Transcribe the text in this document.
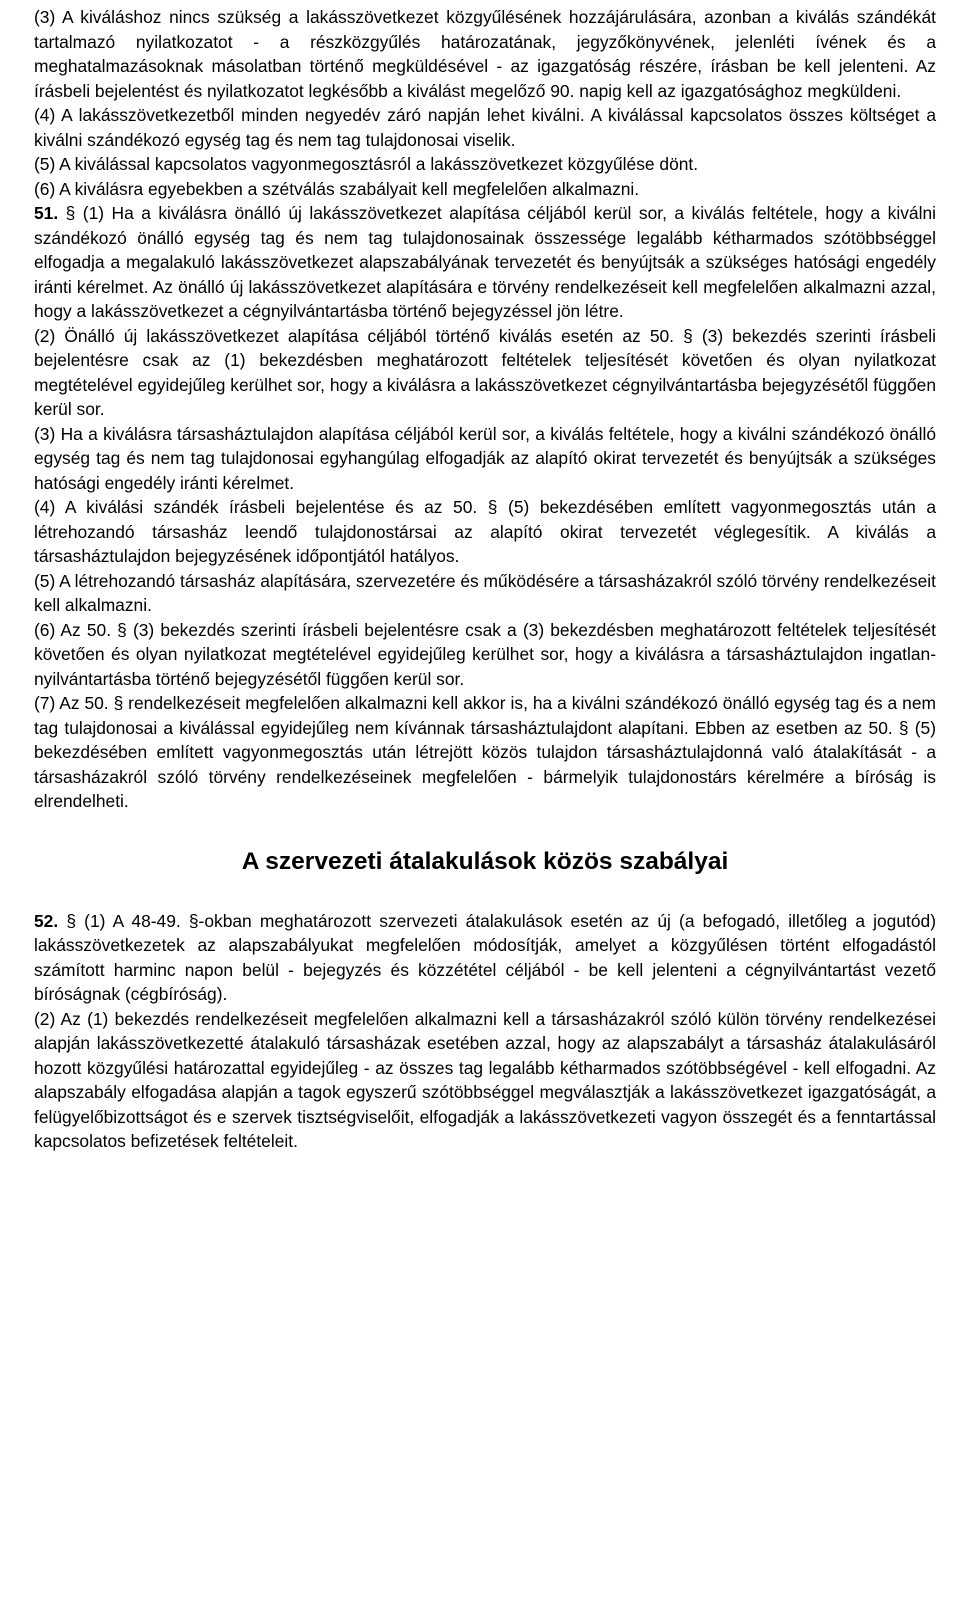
(3) A kiváláshoz nincs szükség a lakásszövetkezet közgyűlésének hozzájárulására, azonban a kiválás szándékát tartalmazó nyilatkozatot - a részközgyűlés határozatának, jegyzőkönyvének, jelenléti ívének és a meghatalmazásoknak másolatban történő megküldésével - az igazgatóság részére, írásban be kell jelenteni. Az írásbeli bejelentést és nyilatkozatot legkésőbb a kiválást megelőző 90. napig kell az igazgatósághoz megküldeni.

(4) A lakásszövetkezetből minden negyedév záró napján lehet kiválni. A kiválással kapcsolatos összes költséget a kiválni szándékozó egység tag és nem tag tulajdonosai viselik.

(5) A kiválással kapcsolatos vagyonmegosztásról a lakásszövetkezet közgyűlése dönt.

(6) A kiválásra egyebekben a szétválás szabályait kell megfelelően alkalmazni.

51. § (1) Ha a kiválásra önálló új lakásszövetkezet alapítása céljából kerül sor, a kiválás feltétele, hogy a kiválni szándékozó önálló egység tag és nem tag tulajdonosainak összessége legalább kétharmados szótöbbséggel elfogadja a megalakuló lakásszövetkezet alapszabályának tervezetét és benyújtsák a szükséges hatósági engedély iránti kérelmet. Az önálló új lakásszövetkezet alapítására e törvény rendelkezéseit kell megfelelően alkalmazni azzal, hogy a lakásszövetkezet a cégnyilvántartásba történő bejegyzéssel jön létre.

(2) Önálló új lakásszövetkezet alapítása céljából történő kiválás esetén az 50. § (3) bekezdés szerinti írásbeli bejelentésre csak az (1) bekezdésben meghatározott feltételek teljesítését követően és olyan nyilatkozat megtételével egyidejűleg kerülhet sor, hogy a kiválásra a lakásszövetkezet cégnyilvántartásba bejegyzésétől függően kerül sor.

(3) Ha a kiválásra társasháztulajdon alapítása céljából kerül sor, a kiválás feltétele, hogy a kiválni szándékozó önálló egység tag és nem tag tulajdonosai egyhangúlag elfogadják az alapító okirat tervezetét és benyújtsák a szükséges hatósági engedély iránti kérelmet.

(4) A kiválási szándék írásbeli bejelentése és az 50. § (5) bekezdésében említett vagyonmegosztás után a létrehozandó társasház leendő tulajdonostársai az alapító okirat tervezetét véglegesítik. A kiválás a társasháztulajdon bejegyzésének időpontjától hatályos.

(5) A létrehozandó társasház alapítására, szervezetére és működésére a társasházakról szóló törvény rendelkezéseit kell alkalmazni.

(6) Az 50. § (3) bekezdés szerinti írásbeli bejelentésre csak a (3) bekezdésben meghatározott feltételek teljesítését követően és olyan nyilatkozat megtételével egyidejűleg kerülhet sor, hogy a kiválásra a társasháztulajdon ingatlan-nyilvántartásba történő bejegyzésétől függően kerül sor.

(7) Az 50. § rendelkezéseit megfelelően alkalmazni kell akkor is, ha a kiválni szándékozó önálló egység tag és a nem tag tulajdonosai a kiválással egyidejűleg nem kívánnak társasháztulajdont alapítani. Ebben az esetben az 50. § (5) bekezdésében említett vagyonmegosztás után létrejött közös tulajdon társasháztulajdonná való átalakítását - a társasházakról szóló törvény rendelkezéseinek megfelelően - bármelyik tulajdonostárs kérelmére a bíróság is elrendelheti.

A szervezeti átalakulások közös szabályai

52. § (1) A 48-49. §-okban meghatározott szervezeti átalakulások esetén az új (a befogadó, illetőleg a jogutód) lakásszövetkezetek az alapszabályukat megfelelően módosítják, amelyet a közgyűlésen történt elfogadástól számított harminc napon belül - bejegyzés és közzététel céljából - be kell jelenteni a cégnyilvántartást vezető bíróságnak (cégbíróság).

(2) Az (1) bekezdés rendelkezéseit megfelelően alkalmazni kell a társasházakról szóló külön törvény rendelkezései alapján lakásszövetkezetté átalakuló társasházak esetében azzal, hogy az alapszabályt a társasház átalakulásáról hozott közgyűlési határozattal egyidejűleg - az összes tag legalább kétharmados szótöbbségével - kell elfogadni. Az alapszabály elfogadása alapján a tagok egyszerű szótöbbséggel megválasztják a lakásszövetkezet igazgatóságát, a felügyelőbizottságot és e szervek tisztségviselőit, elfogadják a lakásszövetkezeti vagyon összegét és a fenntartással kapcsolatos befizetések feltételeit.
